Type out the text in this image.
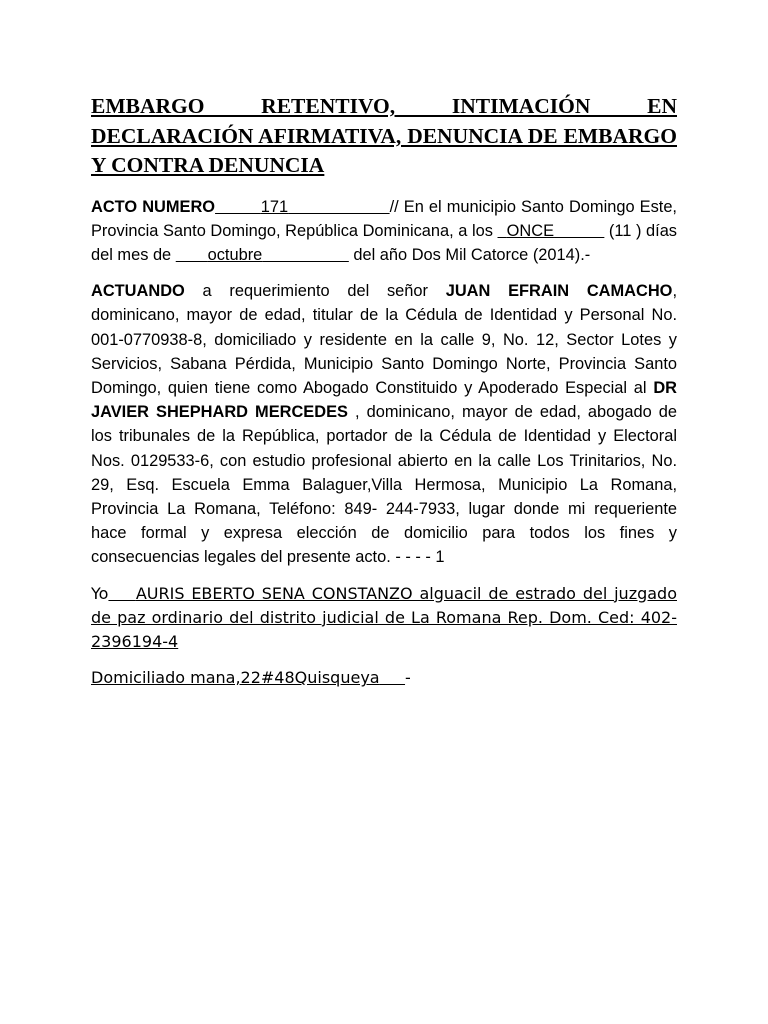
EMBARGO RETENTIVO, INTIMACIÓN EN DECLARACIÓN AFIRMATIVA, DENUNCIA DE EMBARGO Y CONTRA DENUNCIA

ACTO NUMERO	171	// En el municipio Santo Domingo Este, Provincia Santo Domingo, República Dominicana, a los   ONCE	(11 ) días del mes de        octubre	del año Dos Mil Catorce (2014).-

ACTUANDO a requerimiento del señor JUAN EFRAIN CAMACHO, dominicano, mayor de edad, titular de la Cédula de Identidad y Personal No. 001-0770938-8, domiciliado y residente en la calle 9, No. 12, Sector Lotes y Servicios, Sabana Pérdida, Municipio Santo Domingo Norte, Provincia Santo Domingo, quien tiene como Abogado Constituido y Apoderado Especial al DR JAVIER SHEPHARD MERCEDES , dominicano, mayor de edad, abogado de los tribunales de la República, portador de la Cédula de Identidad y Electoral Nos. 0129533-6, con estudio profesional abierto en la calle Los Trinitarios, No. 29, Esq. Escuela Emma Balaguer,Villa Hermosa, Municipio La Romana, Provincia La Romana, Teléfono: 849- 244-7933, lugar donde mi requeriente hace formal y expresa elección de domicilio para todos los fines y consecuencias legales del presente acto. - - - - 1

Yo AURIS EBERTO SENA CONSTANZO alguacil de estrado del juzgado de paz ordinario del distrito judicial de La Romana Rep. Dom. Ced: 402-2396194-4

Domiciliado mana,22#48Quisqueya -
